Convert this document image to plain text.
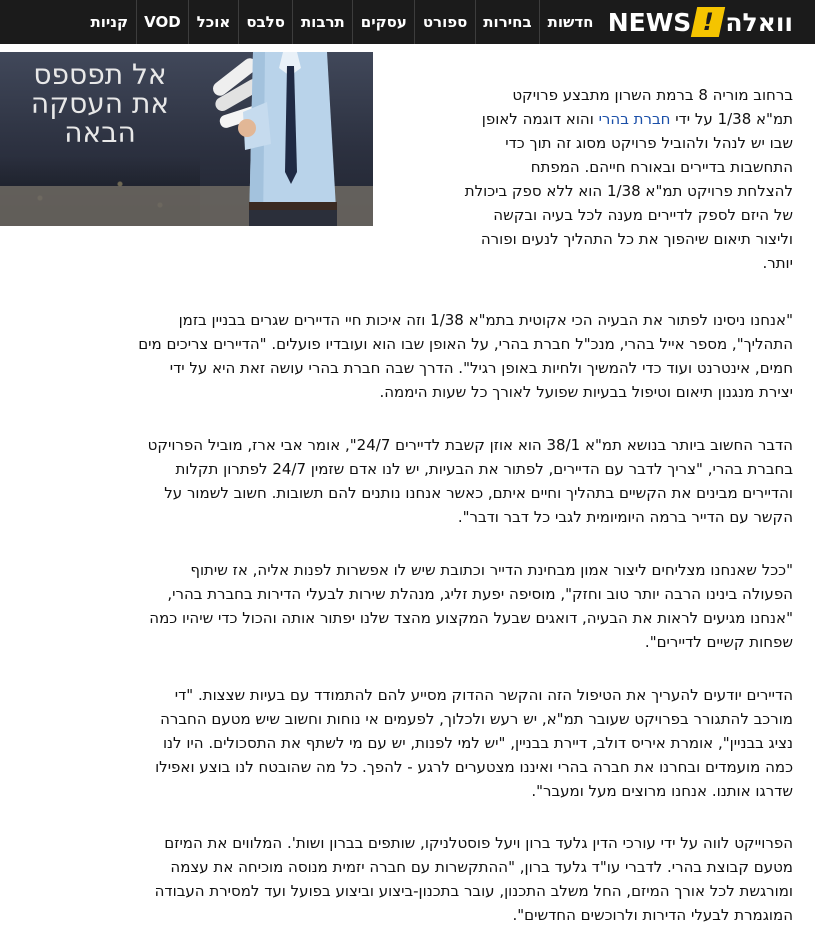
וואלה
!
NEWS
חדשות
בחירות
ספורט
עסקים
תרבות
סלבס
אוכל
VOD
קניות
אל תפספס
את העסקה
הבאה

ברחוב מוריה 8 ברמת השרון מתבצע פרויקט
תמ"א 1/38 על ידי חברת בהרי והוא דוגמה לאופן
שבו יש לנהל ולהוביל פרויקט מסוג זה תוך כדי
התחשבות בדיירים ובאורח חייהם. המפתח
להצלחת פרויקט תמ"א 1/38 הוא ללא ספק ביכולת
של היזם לספק לדיירים מענה לכל בעיה ובקשה
וליצור תיאום שיהפוך את כל התהליך לנעים ופורה
יותר.

"אנחנו ניסינו לפתור את הבעיה הכי אקוטית בתמ"א 1/38 וזה איכות חיי הדיירים שגרים בבניין בזמן
התהליך", מספר אייל בהרי, מנכ"ל חברת בהרי, על האופן שבו הוא ועובדיו פועלים. "הדיירים צריכים מים
חמים, אינטרנט ועוד כדי להמשיך ולחיות באופן רגיל". הדרך שבה חברת בהרי עושה זאת היא על ידי
יצירת מנגנון תיאום וטיפול בבעיות שפועל לאורך כל שעות היממה.

הדבר החשוב ביותר בנושא תמ"א 38/1 הוא אוזן קשבת לדיירים 24/7", אומר אבי ארז, מוביל הפרויקט
בחברת בהרי, "צריך לדבר עם הדיירים, לפתור את הבעיות, יש לנו אדם שזמין 24/7 לפתרון תקלות
והדיירים מבינים את הקשיים בתהליך וחיים איתם, כאשר אנחנו נותנים להם תשובות. חשוב לשמור על
הקשר עם הדייר ברמה היומיומית לגבי כל דבר ודבר".

"ככל שאנחנו מצליחים ליצור אמון מבחינת הדייר וכתובת שיש לו אפשרות לפנות אליה, אז שיתוף
הפעולה בינינו הרבה יותר טוב וחזק", מוסיפה יפעת זליג, מנהלת שירות לבעלי הדירות בחברת בהרי,
"אנחנו מגיעים לראות את הבעיה, דואגים שבעל המקצוע מהצד שלנו יפתור אותה והכול כדי שיהיו כמה
שפחות קשיים לדיירים".

הדיירים יודעים להעריך את הטיפול הזה והקשר ההדוק מסייע להם להתמודד עם בעיות שצצות. "די
מורכב להתגורר בפרויקט שעובר תמ"א, יש רעש ולכלוך, לפעמים אי נוחות וחשוב שיש מטעם החברה
נציג בבניין", אומרת איריס דולב, דיירת בבניין, "יש למי לפנות, יש עם מי לשתף את התסכולים. היו לנו
כמה מועמדים ובחרנו את חברה בהרי ואיננו מצטערים לרגע - להפך. כל מה שהובטח לנו בוצע ואפילו
שדרגו אותנו. אנחנו מרוצים מעל ומעבר".

הפרוייקט לווה על ידי עורכי הדין גלעד ברון ויעל פוסטלניקו, שותפים בברון ושות'. המלווים את המיזם
מטעם קבוצת בהרי. לדברי עו"ד גלעד ברון, "ההתקשרות עם חברה יזמית מנוסה מוכיחה את עצמה
ומורגשת לכל אורך המיזם, החל משלב התכנון, עובר בתכנון-ביצוע וביצוע בפועל ועד למסירת העבודה
המוגמרת לבעלי הדירות ולרוכשים החדשים".
